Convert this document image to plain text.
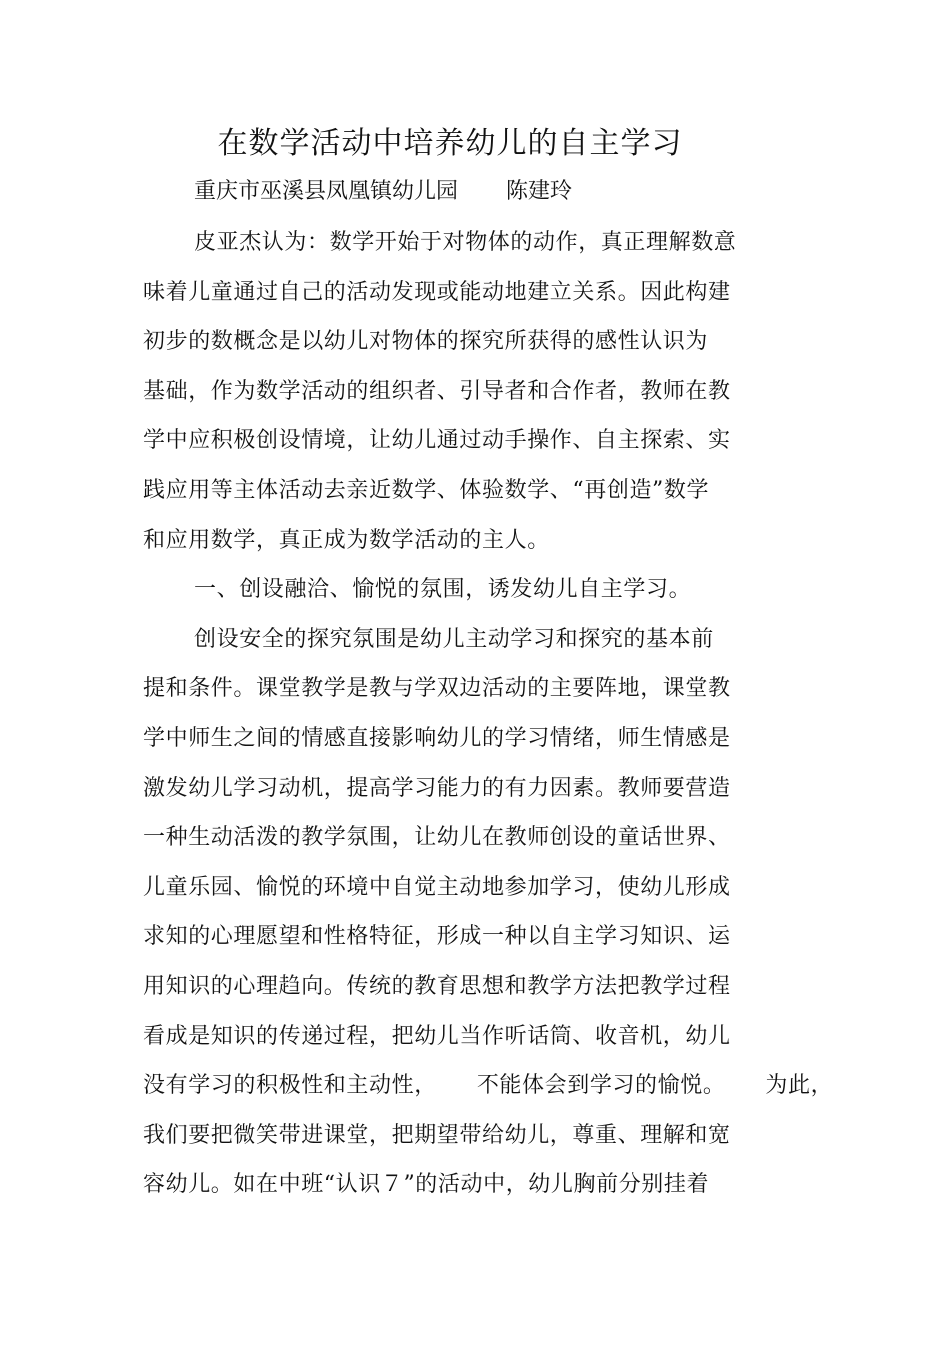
在数学活动中培养幼儿的自主学习
重庆市巫溪县凤凰镇幼儿园 陈建玲
皮亚杰认为：数学开始于对物体的动作，真正理解数意
味着儿童通过自己的活动发现或能动地建立关系。因此构建
初步的数概念是以幼儿对物体的探究所获得的感性认识为
基础，作为数学活动的组织者、引导者和合作者，教师在教
学中应积极创设情境，让幼儿通过动手操作、自主探索、实
践应用等主体活动去亲近数学、体验数学、“再创造”数学
和应用数学，真正成为数学活动的主人。
一、创设融洽、愉悦的氛围，诱发幼儿自主学习。
创设安全的探究氛围是幼儿主动学习和探究的基本前
提和条件。课堂教学是教与学双边活动的主要阵地，课堂教
学中师生之间的情感直接影响幼儿的学习情绪，师生情感是
激发幼儿学习动机，提高学习能力的有力因素。教师要营造
一种生动活泼的教学氛围，让幼儿在教师创设的童话世界、
儿童乐园、愉悦的环境中自觉主动地参加学习，使幼儿形成
求知的心理愿望和性格特征，形成一种以自主学习知识、运
用知识的心理趋向。传统的教育思想和教学方法把教学过程
看成是知识的传递过程，把幼儿当作听话筒、收音机，幼儿
没有学习的积极性和主动性， 不能体会到学习的愉悦。 为此，
我们要把微笑带进课堂，把期望带给幼儿，尊重、理解和宽
容幼儿。如在中班“认识７”的活动中，幼儿胸前分别挂着
